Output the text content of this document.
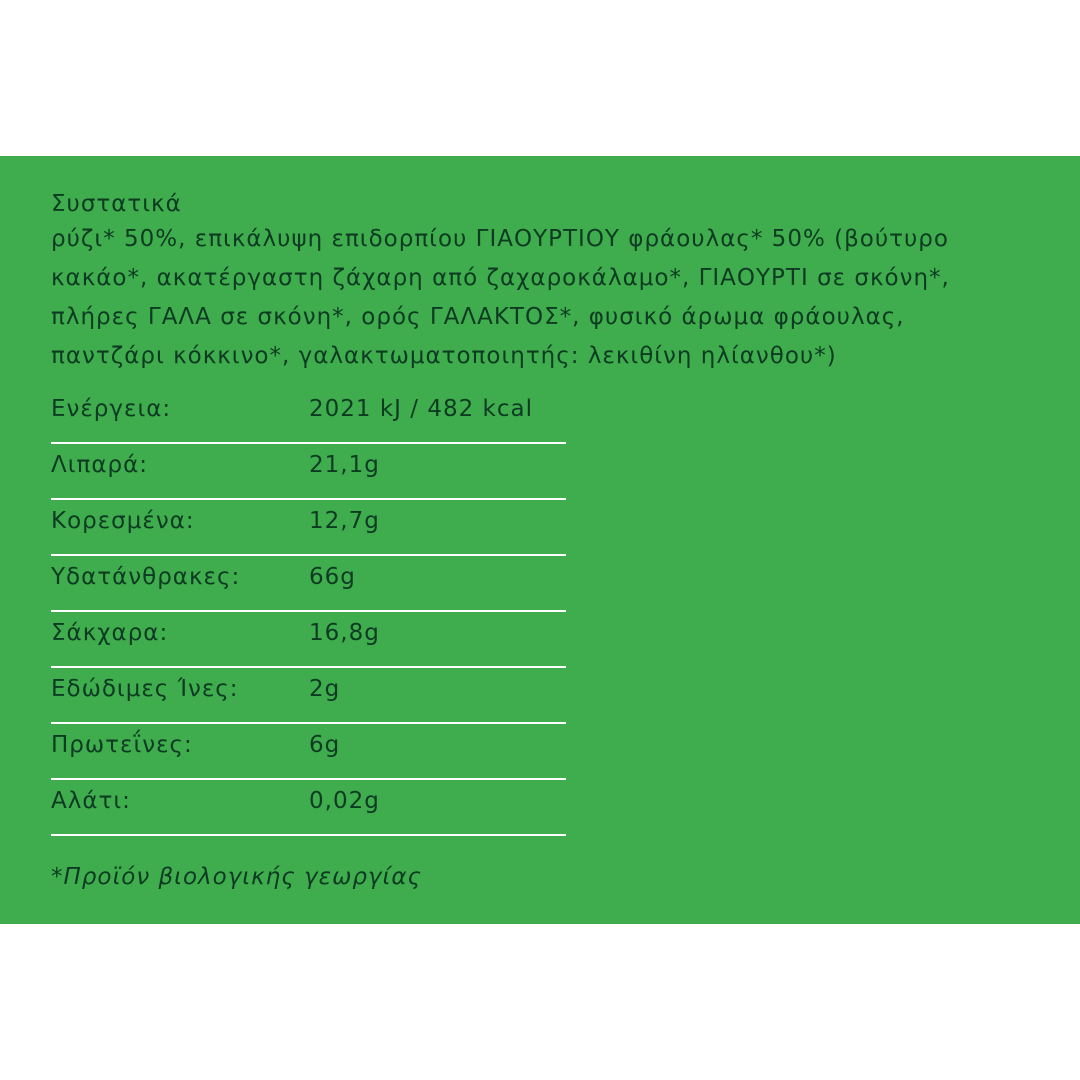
Συστατικά

ρύζι* 50%, επικάλυψη επιδορπίου ΓΙΑΟΥΡΤΙΟΥ φράουλας* 50% (βούτυρο
κακάο*, ακατέργαστη ζάχαρη από ζαχαροκάλαμο*, ΓΙΑΟΥΡΤΙ σε σκόνη*,
πλήρες ΓΑΛΑ σε σκόνη*, ορός ΓΑΛΑΚΤΟΣ*, φυσικό άρωμα φράουλας,
παντζάρι κόκκινο*, γαλακτωματοποιητής: λεκιθίνη ηλίανθου*)

Ενέργεια:	2021 kJ / 482 kcal
Λιπαρά:	21,1g
Κορεσμένα:	12,7g
Υδατάνθρακες:	66g
Σάκχαρα:	16,8g
Εδώδιμες Ίνες:	2g
Πρωτεΐνες:	6g
Αλάτι:	0,02g
*Προϊόν βιολογικής γεωργίας
